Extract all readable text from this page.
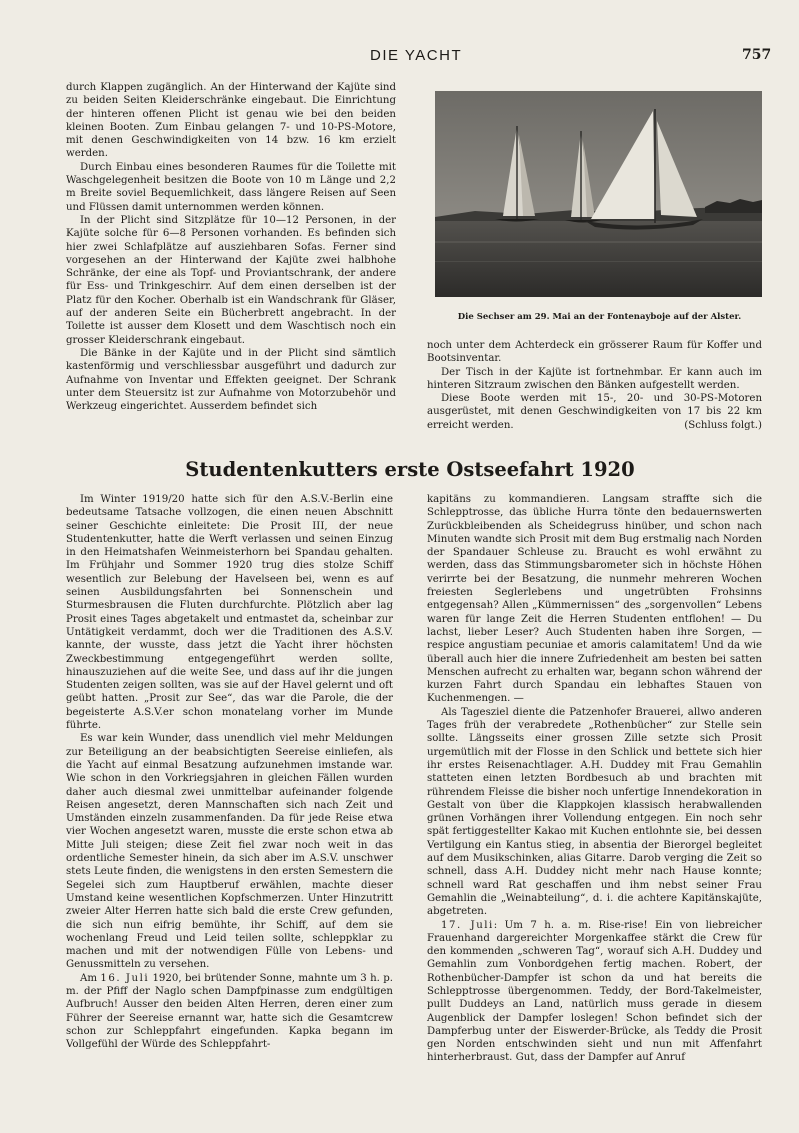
DIE YACHT	757

durch Klappen zugänglich. An der Hinterwand der Kajüte sind zu beiden Seiten Kleiderschränke eingebaut. Die Einrichtung der hinteren offenen Plicht ist genau wie bei den beiden kleinen Booten. Zum Einbau gelangen 7- und 10-PS-Motore, mit denen Geschwindigkeiten von 14 bzw. 16 km erzielt werden.

Durch Einbau eines besonderen Raumes für die Toilette mit Waschgelegenheit besitzen die Boote von 10 m Länge und 2,2 m Breite soviel Bequemlichkeit, dass längere Reisen auf Seen und Flüssen damit unternommen werden können.

In der Plicht sind Sitzplätze für 10—12 Personen, in der Kajüte solche für 6—8 Personen vorhanden. Es befinden sich hier zwei Schlafplätze auf ausziehbaren Sofas. Ferner sind vorgesehen an der Hinterwand der Kajüte zwei halbhohe Schränke, der eine als Topf- und Proviantschrank, der andere für Ess- und Trinkgeschirr. Auf dem einen derselben ist der Platz für den Kocher. Oberhalb ist ein Wandschrank für Gläser, auf der anderen Seite ein Bücherbrett angebracht. In der Toilette ist ausser dem Klosett und dem Waschtisch noch ein grosser Kleiderschrank eingebaut.

Die Bänke in der Kajüte und in der Plicht sind sämtlich kastenförmig und verschliessbar ausgeführt und dadurch zur Aufnahme von Inventar und Effekten geeignet. Der Schrank unter dem Steuersitz ist zur Aufnahme von Motorzubehör und Werkzeug eingerichtet. Ausserdem befindet sich

Die Sechser am 29. Mai an der Fontenayboje auf der Alster.

noch unter dem Achterdeck ein grösserer Raum für Koffer und Bootsinventar.

Der Tisch in der Kajüte ist fortnehmbar. Er kann auch im hinteren Sitzraum zwischen den Bänken aufgestellt werden.

Diese Boote werden mit 15-, 20- und 30-PS-Motoren ausgerüstet, mit denen Geschwindigkeiten von 17 bis 22 km erreicht werden.	(Schluss folgt.)

Studentenkutters erste Ostseefahrt 1920

Im Winter 1919/20 hatte sich für den A.S.V.-Berlin eine bedeutsame Tatsache vollzogen, die einen neuen Abschnitt seiner Geschichte einleitete: Die Prosit III, der neue Studentenkutter, hatte die Werft verlassen und seinen Einzug in den Heimatshafen Weinmeisterhorn bei Spandau gehalten. Im Frühjahr und Sommer 1920 trug dies stolze Schiff wesentlich zur Belebung der Havelseen bei, wenn es auf seinen Ausbildungsfahrten bei Sonnenschein und Sturmesbrausen die Fluten durchfurchte. Plötzlich aber lag Prosit eines Tages abgetakelt und entmastet da, scheinbar zur Untätigkeit verdammt, doch wer die Traditionen des A.S.V. kannte, der wusste, dass jetzt die Yacht ihrer höchsten Zweckbestimmung entgegengeführt werden sollte, hinauszuziehen auf die weite See, und dass auf ihr die jungen Studenten zeigen sollten, was sie auf der Havel gelernt und oft geübt hatten. „Prosit zur See“, das war die Parole, die der begeisterte A.S.V.er schon monatelang vorher im Munde führte.

Es war kein Wunder, dass unendlich viel mehr Meldungen zur Beteiligung an der beabsichtigten Seereise einliefen, als die Yacht auf einmal Besatzung aufzunehmen imstande war. Wie schon in den Vorkriegsjahren in gleichen Fällen wurden daher auch diesmal zwei unmittelbar aufeinander folgende Reisen angesetzt, deren Mannschaften sich nach Zeit und Umständen einzeln zusammenfanden. Da für jede Reise etwa vier Wochen angesetzt waren, musste die erste schon etwa ab Mitte Juli steigen; diese Zeit fiel zwar noch weit in das ordentliche Semester hinein, da sich aber im A.S.V. unschwer stets Leute finden, die wenigstens in den ersten Semestern die Segelei sich zum Hauptberuf erwählen, machte dieser Umstand keine wesentlichen Kopfschmerzen. Unter Hinzutritt zweier Alter Herren hatte sich bald die erste Crew gefunden, die sich nun eifrig bemühte, ihr Schiff, auf dem sie wochenlang Freud und Leid teilen sollte, schleppklar zu machen und mit der notwendigen Fülle von Lebens- und Genussmitteln zu versehen.

Am 16. Juli 1920, bei brütender Sonne, mahnte um 3 h. p. m. der Pfiff der Naglo schen Dampfpinasse zum endgültigen Aufbruch! Ausser den beiden Alten Herren, deren einer zum Führer der Seereise ernannt war, hatte sich die Gesamtcrew schon zur Schleppfahrt eingefunden. Kapka begann im Vollgefühl der Würde des Schleppfahrt-

kapitäns zu kommandieren. Langsam straffte sich die Schlepptrosse, das übliche Hurra tönte den bedauernswerten Zurückbleibenden als Scheidegruss hinüber, und schon nach Minuten wandte sich Prosit mit dem Bug erstmalig nach Norden der Spandauer Schleuse zu. Braucht es wohl erwähnt zu werden, dass das Stimmungsbarometer sich in höchste Höhen verirrte bei der Besatzung, die nunmehr mehreren Wochen freiesten Seglerlebens und ungetrübten Frohsinns entgegensah? Allen „Kümmernissen“ des „sorgenvollen“ Lebens waren für lange Zeit die Herren Studenten entflohen! — Du lachst, lieber Leser? Auch Studenten haben ihre Sorgen, — respice angustiam pecuniae et amoris calamitatem! Und da wie überall auch hier die innere Zufriedenheit am besten bei satten Menschen aufrecht zu erhalten war, begann schon während der kurzen Fahrt durch Spandau ein lebhaftes Stauen von Kuchenmengen. —

Als Tagesziel diente die Patzenhofer Brauerei, allwo anderen Tages früh der verabredete „Rothenbücher“ zur Stelle sein sollte. Längsseits einer grossen Zille setzte sich Prosit urgemütlich mit der Flosse in den Schlick und bettete sich hier ihr erstes Reisenachtlager. A.H. Duddey mit Frau Gemahlin statteten einen letzten Bordbesuch ab und brachten mit rührendem Fleisse die bisher noch unfertige Innendekoration in Gestalt von über die Klappkojen klassisch herabwallenden grünen Vorhängen ihrer Vollendung entgegen. Ein noch sehr spät fertiggestellter Kakao mit Kuchen entlohnte sie, bei dessen Vertilgung ein Kantus stieg, in absentia der Bierorgel begleitet auf dem Musikschinken, alias Gitarre. Darob verging die Zeit so schnell, dass A.H. Duddey nicht mehr nach Hause konnte; schnell ward Rat geschaffen und ihm nebst seiner Frau Gemahlin die „Weinabteilung“, d. i. die achtere Kapitänskajüte, abgetreten.

17. Juli: Um 7 h. a. m. Rise-rise! Ein von liebreicher Frauenhand dargereichter Morgenkaffee stärkt die Crew für den kommenden „schweren Tag“, worauf sich A.H. Duddey und Gemahlin zum Vonbordgehen fertig machen. Robert, der Rothenbücher-Dampfer ist schon da und hat bereits die Schlepptrosse übergenommen. Teddy, der Bord-Takelmeister, pullt Duddeys an Land, natürlich muss gerade in diesem Augenblick der Dampfer loslegen! Schon befindet sich der Dampferbug unter der Eiswerder-Brücke, als Teddy die Prosit gen Norden entschwinden sieht und nun mit Affenfahrt hinterherbraust. Gut, dass der Dampfer auf Anruf
